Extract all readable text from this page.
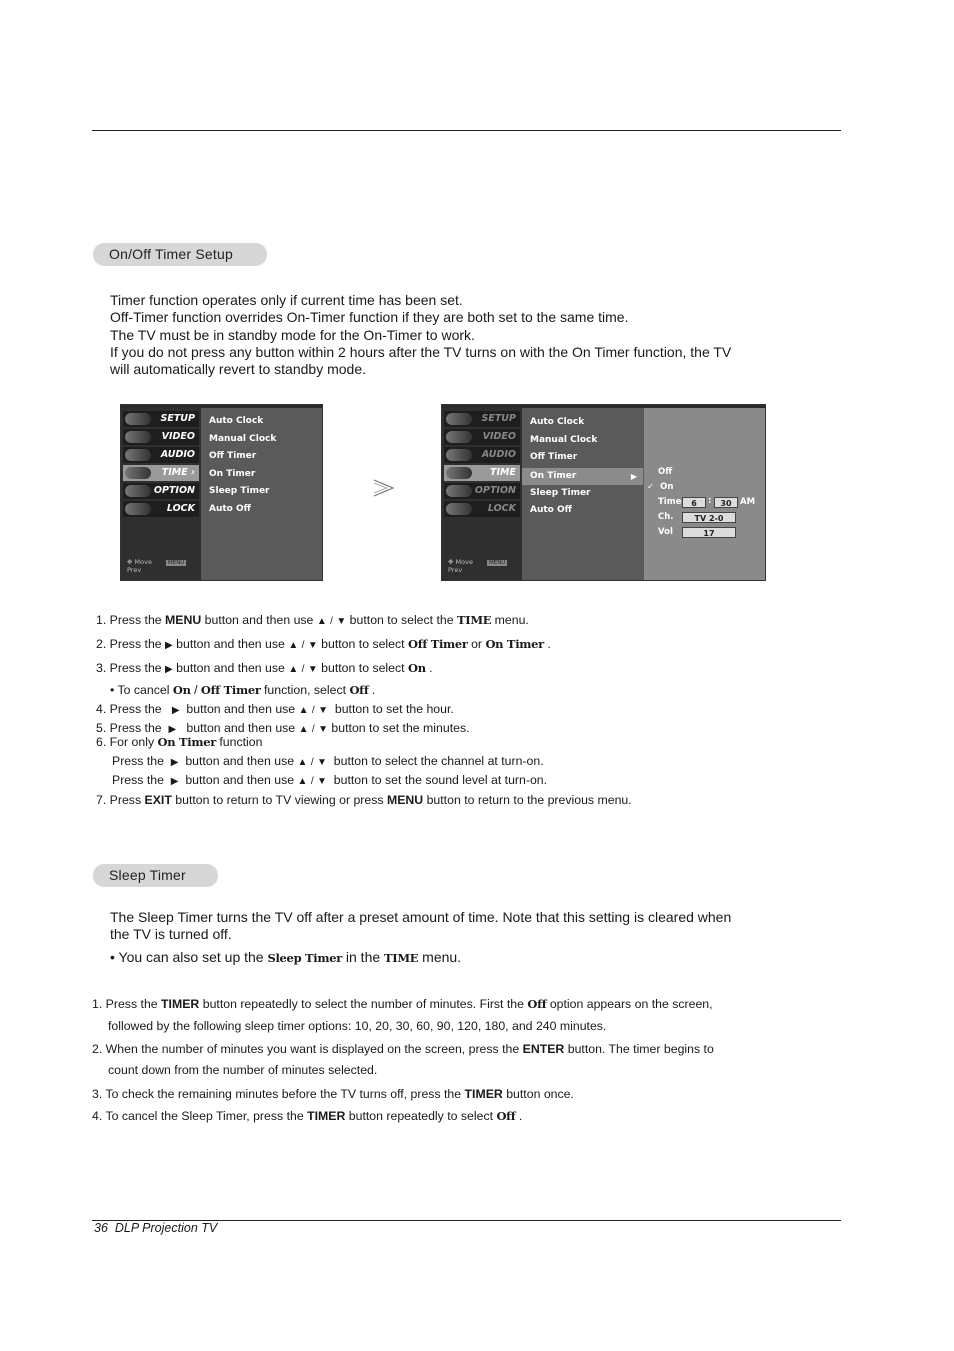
On/Off Timer Setup
Timer function operates only if current time has been set.
Off-Timer function overrides On-Timer function if they are both set to the same time.
The TV must be in standby mode for the On-Timer to work.
If you do not press any button within 2 hours after the TV turns on with the On Timer function, the TV
will automatically revert to standby mode.
SETUP
VIDEO
AUDIO
TIME ›
OPTION
LOCK
✥ Move	MENU Prev
Auto Clock
Manual Clock
Off Timer
On Timer
Sleep Timer
Auto Off
SETUP
VIDEO
AUDIO
TIME
OPTION
LOCK
✥ Move	MENU Prev
Auto Clock
Manual Clock
Off Timer
On Timer	▶
Sleep Timer
Auto Off
Off
✓ On
Time	6	:	30 AM
Ch.	TV 2-0
Vol	17
1. Press the MENU button and then use ▲ / ▼ button to select the TIME menu.
2. Press the ▶ button and then use ▲ / ▼ button to select Off Timer or On Timer .
3. Press the ▶ button and then use ▲ / ▼ button to select On .
• To cancel On / Off Timer function, select Off .
4. Press the   ▶  button and then use ▲ / ▼  button to set the hour.
5. Press the  ▶   button and then use ▲ / ▼ button to set the minutes.
6. For only On Timer function
Press the  ▶  button and then use ▲ / ▼  button to select the channel at turn-on.
Press the  ▶  button and then use ▲ / ▼  button to set the sound level at turn-on.
7. Press EXIT button to return to TV viewing or press MENU button to return to the previous menu.
Sleep Timer
The Sleep Timer turns the TV off after a preset amount of time. Note that this setting is cleared when
the TV is turned off.
• You can also set up the Sleep Timer in the TIME menu.
1. Press the TIMER button repeatedly to select the number of minutes. First the Off option appears on the screen,
followed by the following sleep timer options: 10, 20, 30, 60, 90, 120, 180, and 240 minutes.
2. When the number of minutes you want is displayed on the screen, press the ENTER button. The timer begins to
count down from the number of minutes selected.
3. To check the remaining minutes before the TV turns off, press the TIMER button once.
4. To cancel the Sleep Timer, press the TIMER button repeatedly to select Off .
36 DLP Projection TV
